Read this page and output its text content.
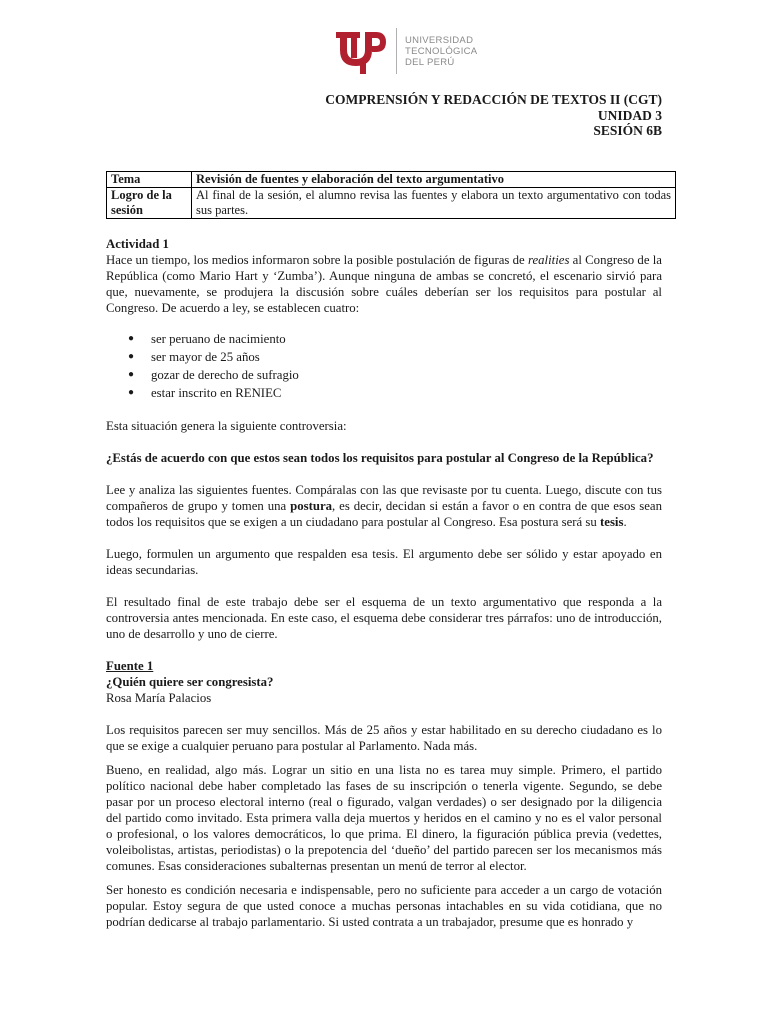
UNIVERSIDAD
TECNOLÓGICA
DEL PERÚ
COMPRENSIÓN Y REDACCIÓN DE TEXTOS II (CGT)
UNIDAD 3
SESIÓN 6B
Tema	Revisión de fuentes y elaboración del texto argumentativo
Logro de la sesión	Al final de la sesión, el alumno revisa las fuentes y elabora un texto argumentativo con todas sus partes.

Actividad 1

Hace un tiempo, los medios informaron sobre la posible postulación de figuras de realities al Congreso de la República (como Mario Hart y ‘Zumba’). Aunque ninguna de ambas se concretó, el escenario sirvió para que, nuevamente, se produjera la discusión sobre cuáles deberían ser los requisitos para postular al Congreso. De acuerdo a ley, se establecen cuatro:

● ser peruano de nacimiento
● ser mayor de 25 años
● gozar de derecho de sufragio
● estar inscrito en RENIEC

Esta situación genera la siguiente controversia:

¿Estás de acuerdo con que estos sean todos los requisitos para postular al Congreso de la República?

Lee y analiza las siguientes fuentes. Compáralas con las que revisaste por tu cuenta. Luego, discute con tus compañeros de grupo y tomen una postura, es decir, decidan si están a favor o en contra de que esos sean todos los requisitos que se exigen a un ciudadano para postular al Congreso. Esa postura será su tesis.

Luego, formulen un argumento que respalden esa tesis. El argumento debe ser sólido y estar apoyado en ideas secundarias.

El resultado final de este trabajo debe ser el esquema de un texto argumentativo que responda a la controversia antes mencionada. En este caso, el esquema debe considerar tres párrafos: uno de introducción, uno de desarrollo y uno de cierre.

Fuente 1

¿Quién quiere ser congresista?

Rosa María Palacios

Los requisitos parecen ser muy sencillos. Más de 25 años y estar habilitado en su derecho ciudadano es lo que se exige a cualquier peruano para postular al Parlamento. Nada más.

Bueno, en realidad, algo más. Lograr un sitio en una lista no es tarea muy simple. Primero, el partido político nacional debe haber completado las fases de su inscripción o tenerla vigente. Segundo, se debe pasar por un proceso electoral interno (real o figurado, valgan verdades) o ser designado por la diligencia del partido como invitado. Esta primera valla deja muertos y heridos en el camino y no es el valor personal o profesional, o los valores democráticos, lo que prima. El dinero, la figuración pública previa (vedettes, voleibolistas, artistas, periodistas) o la prepotencia del ‘dueño’ del partido parecen ser los mecanismos más comunes. Esas consideraciones subalternas presentan un menú de terror al elector.

Ser honesto es condición necesaria e indispensable, pero no suficiente para acceder a un cargo de votación popular. Estoy segura de que usted conoce a muchas personas intachables en su vida cotidiana, que no podrían dedicarse al trabajo parlamentario. Si usted contrata a un trabajador, presume que es honrado y
